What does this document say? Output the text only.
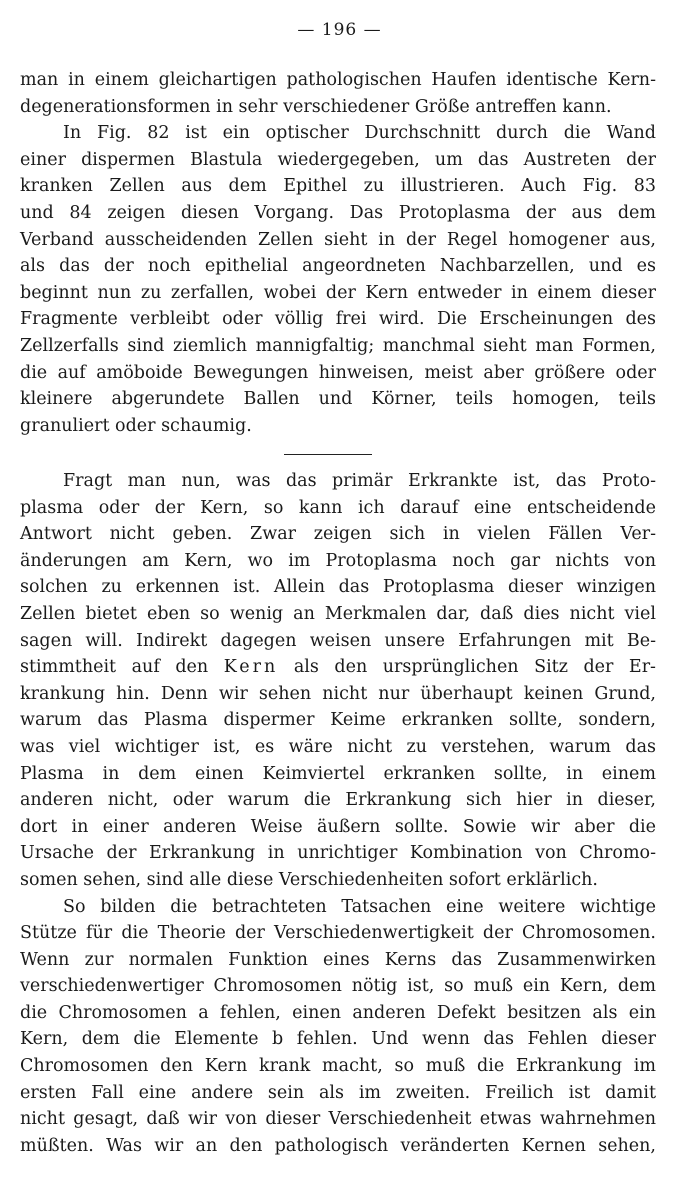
— 196 —
man in einem gleichartigen pathologischen Haufen identische Kern-
degenerationsformen in sehr verschiedener Größe antreffen kann.
In Fig. 82 ist ein optischer Durchschnitt durch die Wand
einer dispermen Blastula wiedergegeben, um das Austreten der
kranken Zellen aus dem Epithel zu illustrieren. Auch Fig. 83
und 84 zeigen diesen Vorgang. Das Protoplasma der aus dem
Verband ausscheidenden Zellen sieht in der Regel homogener aus,
als das der noch epithelial angeordneten Nachbarzellen, und es
beginnt nun zu zerfallen, wobei der Kern entweder in einem dieser
Fragmente verbleibt oder völlig frei wird. Die Erscheinungen des
Zellzerfalls sind ziemlich mannigfaltig; manchmal sieht man Formen,
die auf amöboide Bewegungen hinweisen, meist aber größere oder
kleinere abgerundete Ballen und Körner, teils homogen, teils
granuliert oder schaumig.
Fragt man nun, was das primär Erkrankte ist, das Proto-
plasma oder der Kern, so kann ich darauf eine entscheidende
Antwort nicht geben. Zwar zeigen sich in vielen Fällen Ver-
änderungen am Kern, wo im Protoplasma noch gar nichts von
solchen zu erkennen ist. Allein das Protoplasma dieser winzigen
Zellen bietet eben so wenig an Merkmalen dar, daß dies nicht viel
sagen will. Indirekt dagegen weisen unsere Erfahrungen mit Be-
stimmtheit auf den Kern als den ursprünglichen Sitz der Er-
krankung hin. Denn wir sehen nicht nur überhaupt keinen Grund,
warum das Plasma dispermer Keime erkranken sollte, sondern,
was viel wichtiger ist, es wäre nicht zu verstehen, warum das
Plasma in dem einen Keimviertel erkranken sollte, in einem
anderen nicht, oder warum die Erkrankung sich hier in dieser,
dort in einer anderen Weise äußern sollte. Sowie wir aber die
Ursache der Erkrankung in unrichtiger Kombination von Chromo-
somen sehen, sind alle diese Verschiedenheiten sofort erklärlich.
So bilden die betrachteten Tatsachen eine weitere wichtige
Stütze für die Theorie der Verschiedenwertigkeit der Chromosomen.
Wenn zur normalen Funktion eines Kerns das Zusammenwirken
verschiedenwertiger Chromosomen nötig ist, so muß ein Kern, dem
die Chromosomen a fehlen, einen anderen Defekt besitzen als ein
Kern, dem die Elemente b fehlen. Und wenn das Fehlen dieser
Chromosomen den Kern krank macht, so muß die Erkrankung im
ersten Fall eine andere sein als im zweiten. Freilich ist damit
nicht gesagt, daß wir von dieser Verschiedenheit etwas wahrnehmen
müßten. Was wir an den pathologisch veränderten Kernen sehen,
